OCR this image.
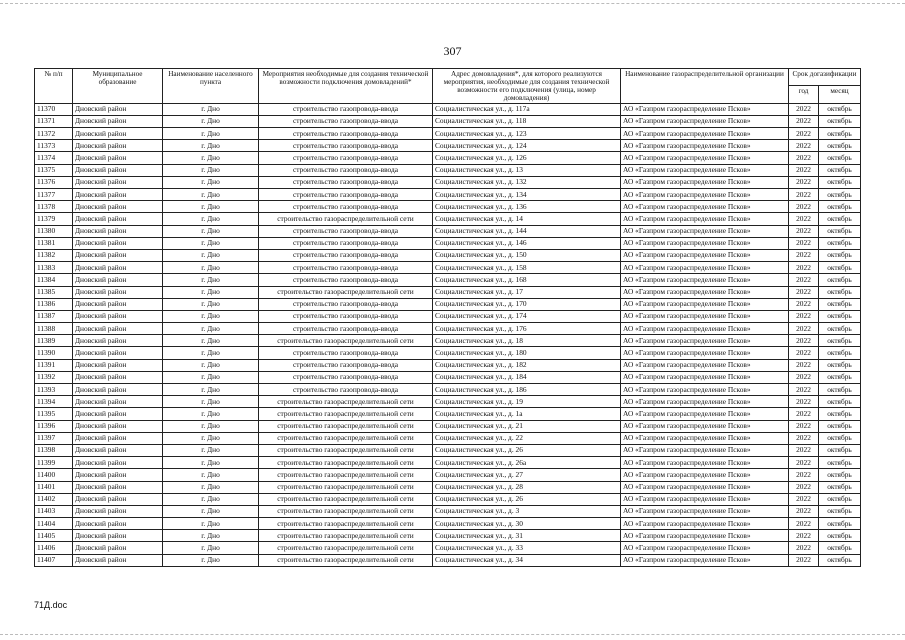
307
№ п/п	Муниципальное образование	Наименование населенного пункта	Мероприятия необходимые для создания технической возможности подключения домовладений*	Адрес домовладения*, для которого реализуются мероприятия, необходимые для создания технической возможности его подключения (улица, номер домовладения)	Наименование газораспределительной организации	Срок догазификации	
						год	месяц
11370	Дновский район	г. Дно	строительство газопровода-ввода	Социалистическая ул., д. 117а	АО «Газпром газораспределение Псков»	2022	октябрь
11371	Дновский район	г. Дно	строительство газопровода-ввода	Социалистическая ул., д. 118	АО «Газпром газораспределение Псков»	2022	октябрь
11372	Дновский район	г. Дно	строительство газопровода-ввода	Социалистическая ул., д. 123	АО «Газпром газораспределение Псков»	2022	октябрь
11373	Дновский район	г. Дно	строительство газопровода-ввода	Социалистическая ул., д. 124	АО «Газпром газораспределение Псков»	2022	октябрь
11374	Дновский район	г. Дно	строительство газопровода-ввода	Социалистическая ул., д. 126	АО «Газпром газораспределение Псков»	2022	октябрь
11375	Дновский район	г. Дно	строительство газопровода-ввода	Социалистическая ул., д. 13	АО «Газпром газораспределение Псков»	2022	октябрь
11376	Дновский район	г. Дно	строительство газопровода-ввода	Социалистическая ул., д. 132	АО «Газпром газораспределение Псков»	2022	октябрь
11377	Дновский район	г. Дно	строительство газопровода-ввода	Социалистическая ул., д. 134	АО «Газпром газораспределение Псков»	2022	октябрь
11378	Дновский район	г. Дно	строительство газопровода-ввода	Социалистическая ул., д. 136	АО «Газпром газораспределение Псков»	2022	октябрь
11379	Дновский район	г. Дно	строительство газораспределительной сети	Социалистическая ул., д. 14	АО «Газпром газораспределение Псков»	2022	октябрь
11380	Дновский район	г. Дно	строительство газопровода-ввода	Социалистическая ул., д. 144	АО «Газпром газораспределение Псков»	2022	октябрь
11381	Дновский район	г. Дно	строительство газопровода-ввода	Социалистическая ул., д. 146	АО «Газпром газораспределение Псков»	2022	октябрь
11382	Дновский район	г. Дно	строительство газопровода-ввода	Социалистическая ул., д. 150	АО «Газпром газораспределение Псков»	2022	октябрь
11383	Дновский район	г. Дно	строительство газопровода-ввода	Социалистическая ул., д. 158	АО «Газпром газораспределение Псков»	2022	октябрь
11384	Дновский район	г. Дно	строительство газопровода-ввода	Социалистическая ул., д. 168	АО «Газпром газораспределение Псков»	2022	октябрь
11385	Дновский район	г. Дно	строительство газораспределительной сети	Социалистическая ул., д. 17	АО «Газпром газораспределение Псков»	2022	октябрь
11386	Дновский район	г. Дно	строительство газопровода-ввода	Социалистическая ул., д. 170	АО «Газпром газораспределение Псков»	2022	октябрь
11387	Дновский район	г. Дно	строительство газопровода-ввода	Социалистическая ул., д. 174	АО «Газпром газораспределение Псков»	2022	октябрь
11388	Дновский район	г. Дно	строительство газопровода-ввода	Социалистическая ул., д. 176	АО «Газпром газораспределение Псков»	2022	октябрь
11389	Дновский район	г. Дно	строительство газораспределительной сети	Социалистическая ул., д. 18	АО «Газпром газораспределение Псков»	2022	октябрь
11390	Дновский район	г. Дно	строительство газопровода-ввода	Социалистическая ул., д. 180	АО «Газпром газораспределение Псков»	2022	октябрь
11391	Дновский район	г. Дно	строительство газопровода-ввода	Социалистическая ул., д. 182	АО «Газпром газораспределение Псков»	2022	октябрь
11392	Дновский район	г. Дно	строительство газопровода-ввода	Социалистическая ул., д. 184	АО «Газпром газораспределение Псков»	2022	октябрь
11393	Дновский район	г. Дно	строительство газопровода-ввода	Социалистическая ул., д. 186	АО «Газпром газораспределение Псков»	2022	октябрь
11394	Дновский район	г. Дно	строительство газораспределительной сети	Социалистическая ул., д. 19	АО «Газпром газораспределение Псков»	2022	октябрь
11395	Дновский район	г. Дно	строительство газораспределительной сети	Социалистическая ул., д. 1а	АО «Газпром газораспределение Псков»	2022	октябрь
11396	Дновский район	г. Дно	строительство газораспределительной сети	Социалистическая ул., д. 21	АО «Газпром газораспределение Псков»	2022	октябрь
11397	Дновский район	г. Дно	строительство газораспределительной сети	Социалистическая ул., д. 22	АО «Газпром газораспределение Псков»	2022	октябрь
11398	Дновский район	г. Дно	строительство газораспределительной сети	Социалистическая ул., д. 26	АО «Газпром газораспределение Псков»	2022	октябрь
11399	Дновский район	г. Дно	строительство газораспределительной сети	Социалистическая ул., д. 26а	АО «Газпром газораспределение Псков»	2022	октябрь
11400	Дновский район	г. Дно	строительство газораспределительной сети	Социалистическая ул., д. 27	АО «Газпром газораспределение Псков»	2022	октябрь
11401	Дновский район	г. Дно	строительство газораспределительной сети	Социалистическая ул., д. 28	АО «Газпром газораспределение Псков»	2022	октябрь
11402	Дновский район	г. Дно	строительство газораспределительной сети	Социалистическая ул., д. 26	АО «Газпром газораспределение Псков»	2022	октябрь
11403	Дновский район	г. Дно	строительство газораспределительной сети	Социалистическая ул., д. 3	АО «Газпром газораспределение Псков»	2022	октябрь
11404	Дновский район	г. Дно	строительство газораспределительной сети	Социалистическая ул., д. 30	АО «Газпром газораспределение Псков»	2022	октябрь
11405	Дновский район	г. Дно	строительство газораспределительной сети	Социалистическая ул., д. 31	АО «Газпром газораспределение Псков»	2022	октябрь
11406	Дновский район	г. Дно	строительство газораспределительной сети	Социалистическая ул., д. 33	АО «Газпром газораспределение Псков»	2022	октябрь
11407	Дновский район	г. Дно	строительство газораспределительной сети	Социалистическая ул., д. 34	АО «Газпром газораспределение Псков»	2022	октябрь
71Д.doc
